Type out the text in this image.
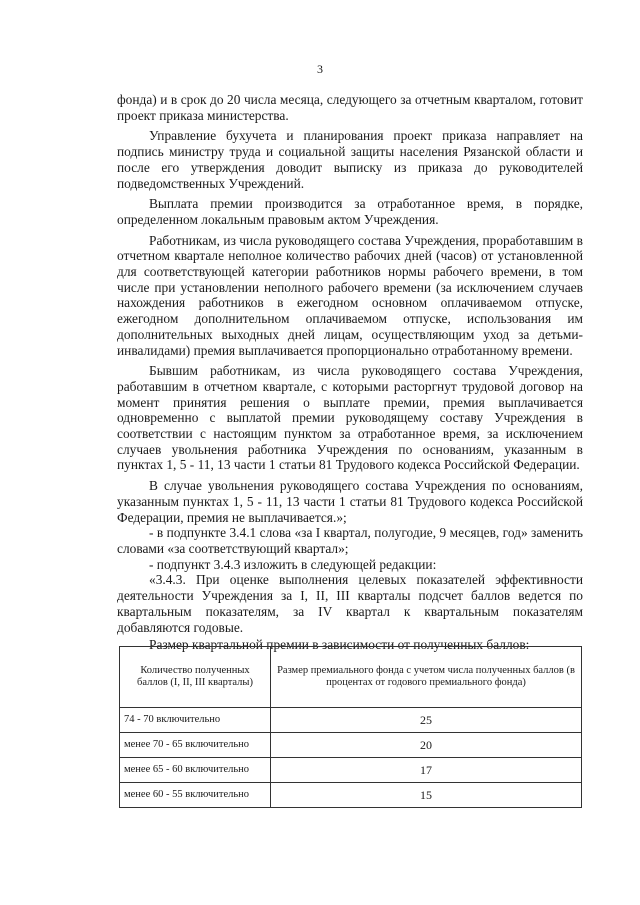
3

фонда) и в срок до 20 числа месяца, следующего за отчетным кварталом, готовит проект приказа министерства.

Управление бухучета и планирования проект приказа направляет на подпись министру труда и социальной защиты населения Рязанской области и после его утверждения доводит выписку из приказа до руководителей подведомственных Учреждений.

Выплата премии производится за отработанное время, в порядке, определенном локальным правовым актом Учреждения.

Работникам, из числа руководящего состава Учреждения, проработавшим в отчетном квартале неполное количество рабочих дней (часов) от установленной для соответствующей категории работников нормы рабочего времени, в том числе при установлении неполного рабочего времени (за исключением случаев нахождения работников в ежегодном основном оплачиваемом отпуске, ежегодном дополнительном оплачиваемом отпуске, использования им дополнительных выходных дней лицам, осуществляющим уход за детьми-инвалидами) премия выплачивается пропорционально отработанному времени.

Бывшим работникам, из числа руководящего состава Учреждения, работавшим в отчетном квартале, с которыми расторгнут трудовой договор на момент принятия решения о выплате премии, премия выплачивается одновременно с выплатой премии руководящему составу Учреждения в соответствии с настоящим пунктом за отработанное время, за исключением случаев увольнения работника Учреждения по основаниям, указанным в пунктах 1, 5 - 11, 13 части 1 статьи 81 Трудового кодекса Российской Федерации.

В случае увольнения руководящего состава Учреждения по основаниям, указанным пунктах 1, 5 - 11, 13 части 1 статьи 81 Трудового кодекса Российской Федерации, премия не выплачивается.»;

- в подпункте 3.4.1 слова «за I квартал, полугодие, 9 месяцев, год» заменить словами «за соответствующий квартал»;

- подпункт 3.4.3 изложить в следующей редакции:

«3.4.3. При оценке выполнения целевых показателей эффективности деятельности Учреждения за I, II, III кварталы подсчет баллов ведется по квартальным показателям, за IV квартал к квартальным показателям добавляются годовые.

Размер квартальной премии в зависимости от полученных баллов:

Количество полученных баллов (I, II, III кварталы)	Размер премиального фонда с учетом числа полученных баллов (в процентах от годового премиального фонда)
74 - 70 включительно	25
менее 70 - 65 включительно	20
менее 65 - 60 включительно	17
менее 60 - 55 включительно	15
